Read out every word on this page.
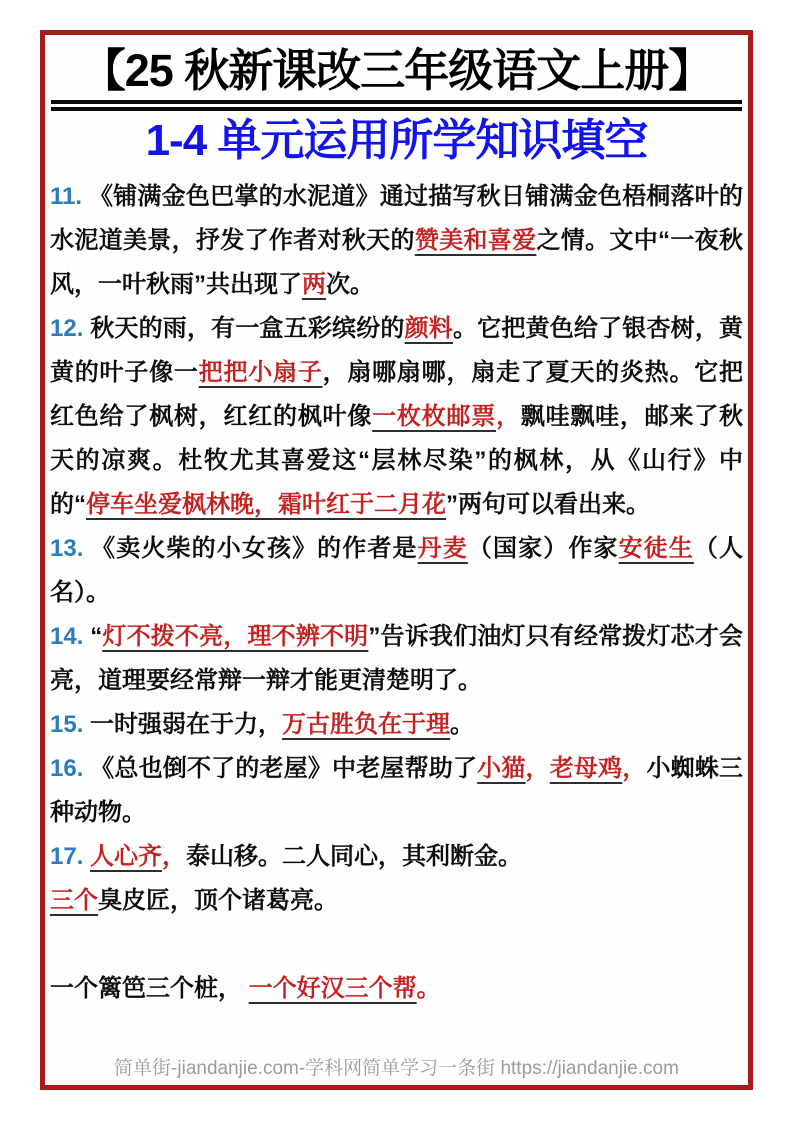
【25 秋新课改三年级语文上册】
1-4 单元运用所学知识填空

11. 《铺满金色巴掌的水泥道》通过描写秋日铺满金色梧桐落叶的水泥道美景，抒发了作者对秋天的赞美和喜爱之情。文中“一夜秋风，一叶秋雨”共出现了两次。

12. 秋天的雨，有一盒五彩缤纷的颜料。它把黄色给了银杏树，黄黄的叶子像一把把小扇子，扇哪扇哪，扇走了夏天的炎热。它把红色给了枫树，红红的枫叶像一枚枚邮票，飘哇飘哇，邮来了秋天的凉爽。杜牧尤其喜爱这“层林尽染”的枫林，从《山行》中的“停车坐爱枫林晚，霜叶红于二月花”两句可以看出来。

13. 《卖火柴的小女孩》的作者是丹麦（国家）作家安徒生（人名）。

14. “灯不拨不亮，理不辨不明”告诉我们油灯只有经常拨灯芯才会亮，道理要经常辩一辩才能更清楚明了。

15. 一时强弱在于力，万古胜负在于理。

16. 《总也倒不了的老屋》中老屋帮助了小猫，老母鸡，小蜘蛛三种动物。

17. 人心齐，泰山移。二人同心，其利断金。

三个臭皮匠，顶个诸葛亮。

一个篱笆三个桩， 一个好汉三个帮。

简单街-jiandanjie.com-学科网简单学习一条街 https://jiandanjie.com
